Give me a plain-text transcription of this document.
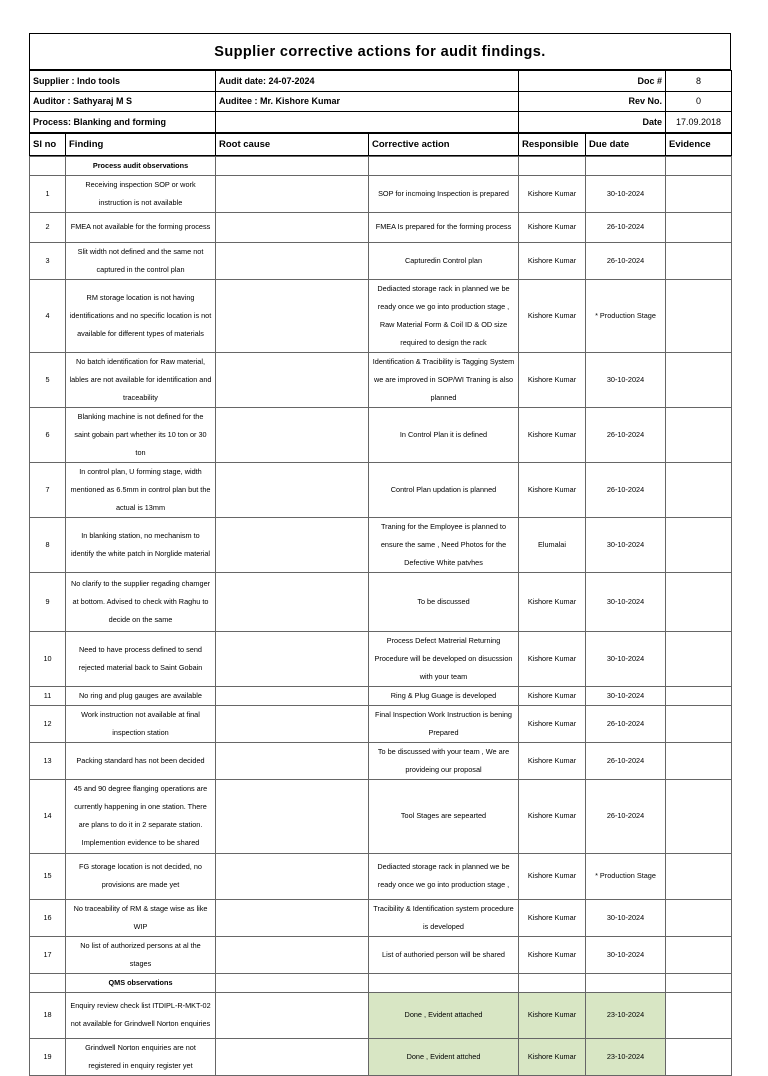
Supplier corrective actions for audit findings.
Supplier : Indo tools	Audit date: 24-07-2024	Doc #	8
Auditor : Sathyaraj M S	Auditee : Mr. Kishore Kumar	Rev No.	0
Process: Blanking and forming		Date	17.09.2018
Sl no	Finding	Root cause	Corrective action	Responsible	Due date	Evidence
	Process audit observations					
1	Receiving inspection SOP or work instruction is not available		SOP for incmoing Inspection is prepared	Kishore Kumar	30-10-2024	
2	FMEA not available for the forming process		FMEA Is prepared for the forming process	Kishore Kumar	26-10-2024	
3	Slit width not defined and the same not captured in the control plan		Capturedin Control plan	Kishore Kumar	26-10-2024	
4	RM storage location is not having identifications and no specific location is not available for different types of materials		Dediacted storage rack in planned we be ready once we go into production stage , Raw Material Form & Coil ID & OD size required to design the rack	Kishore Kumar	* Production Stage	
5	No batch identification for Raw material, lables are not available for identification and traceability		Identification & Tracibility is Tagging System we are improved in SOP/WI Traning is also planned	Kishore Kumar	30-10-2024	
6	Blanking machine is not defined for the saint gobain part whether its 10 ton or 30 ton		In Control Plan it is defined	Kishore Kumar	26-10-2024	
7	In control plan, U forming stage, width mentioned as 6.5mm in control plan but the actual is 13mm		Control Plan updation is planned	Kishore Kumar	26-10-2024	
8	In blanking station, no mechanism to identify the white patch in Norglide material		Traning for the Employee is planned to ensure the same , Need Photos for the Defective White patvhes	Elumalai	30-10-2024	
9	No clarify to the supplier regading chamger at bottom. Advised to check with Raghu to decide on the same		To be discussed	Kishore Kumar	30-10-2024	
10	Need to have process defined to send rejected material back to Saint Gobain		Process Defect Matrerial Returning Procedure will be developed on disucssion with your team	Kishore Kumar	30-10-2024	
11	No ring and plug gauges are available		Ring & Plug Guage is developed	Kishore Kumar	30-10-2024	
12	Work instruction not available at final inspection station		Final Inspection Work Instruction is bening Prepared	Kishore Kumar	26-10-2024	
13	Packing standard has not been decided		To be discussed with your team , We are provideing our proposal	Kishore Kumar	26-10-2024	
14	45 and 90 degree flanging operations are currently happening in one station. There are plans to do it in 2 separate station. Implemention evidence to be shared		Tool Stages are sepearted	Kishore Kumar	26-10-2024	
15	FG storage location is not decided, no provisions are made yet		Dediacted storage rack in planned we be ready once we go into production stage ,	Kishore Kumar	* Production Stage	
16	No traceability of RM & stage wise as like WIP		Tracibility & Identification system procedure is developed	Kishore Kumar	30-10-2024	
17	No list of authorized persons at al the stages		List of authoried person will be shared	Kishore Kumar	30-10-2024	
	QMS observations					
18	Enquiry review check list ITDIPL-R-MKT-02 not available for Grindwell Norton enquiries		Done , Evident attached	Kishore Kumar	23-10-2024	
19	Grindwell Norton enquiries are not registered in enquiry register yet		Done , Evident attched	Kishore Kumar	23-10-2024	
